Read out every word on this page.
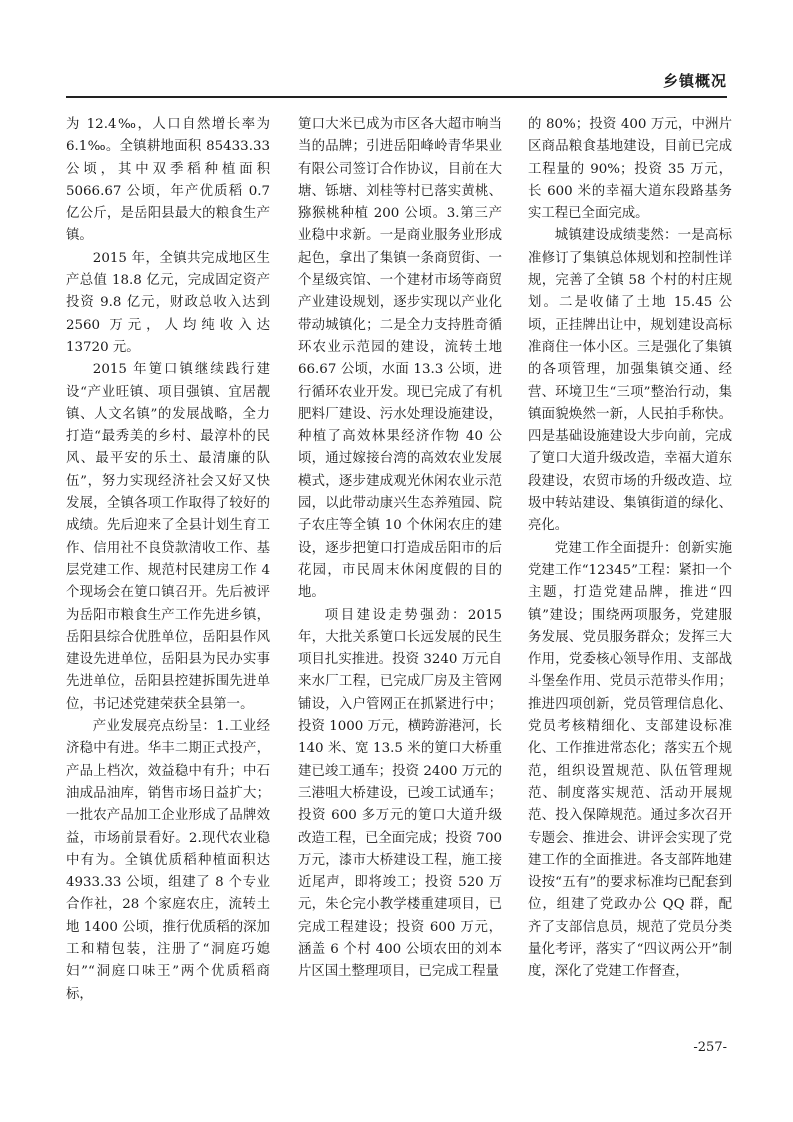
乡镇概况

为 12.4‰，人口自然增长率为 6.1‰。全镇耕地面积 85433.33 公顷，其中双季稻种植面积 5066.67 公顷，年产优质稻 0.7 亿公斤，是岳阳县最大的粮食生产镇。

2015 年，全镇共完成地区生产总值 18.8 亿元，完成固定资产投资 9.8 亿元，财政总收入达到 2560 万元，人均纯收入达 13720 元。

2015 年筻口镇继续践行建设“产业旺镇、项目强镇、宜居靓镇、人文名镇”的发展战略，全力打造“最秀美的乡村、最淳朴的民风、最平安的乐土、最清廉的队伍”，努力实现经济社会又好又快发展，全镇各项工作取得了较好的成绩。先后迎来了全县计划生育工作、信用社不良贷款清收工作、基层党建工作、规范村民建房工作 4 个现场会在筻口镇召开。先后被评为岳阳市粮食生产工作先进乡镇，岳阳县综合优胜单位，岳阳县作风建设先进单位，岳阳县为民办实事先进单位，岳阳县控建拆围先进单位，书记述党建荣获全县第一。

产业发展亮点纷呈：1.工业经济稳中有进。华丰二期正式投产，产品上档次，效益稳中有升；中石油成品油库，销售市场日益扩大；一批农产品加工企业形成了品牌效益，市场前景看好。2.现代农业稳中有为。全镇优质稻种植面积达 4933.33 公顷，组建了 8 个专业合作社，28 个家庭农庄，流转土地 1400 公顷，推行优质稻的深加工和精包装，注册了“洞庭巧媳妇”“洞庭口味王”两个优质稻商标，

筻口大米已成为市区各大超市响当当的品牌；引进岳阳峰岭青华果业有限公司签订合作协议，目前在大塘、铄塘、刘桂等村已落实黄桃、猕猴桃种植 200 公顷。3.第三产业稳中求新。一是商业服务业形成起色，拿出了集镇一条商贸街、一个星级宾馆、一个建材市场等商贸产业建设规划，逐步实现以产业化带动城镇化；二是全力支持胜奇循环农业示范园的建设，流转土地 66.67 公顷，水面 13.3 公顷，进行循环农业开发。现已完成了有机肥料厂建设、污水处理设施建设，种植了高效林果经济作物 40 公顷，通过嫁接台湾的高效农业发展模式，逐步建成观光休闲农业示范园，以此带动康兴生态养殖园、院子农庄等全镇 10 个休闲农庄的建设，逐步把筻口打造成岳阳市的后花园，市民周末休闲度假的目的地。

项目建设走势强劲：2015 年，大批关系筻口长远发展的民生项目扎实推进。投资 3240 万元自来水厂工程，已完成厂房及主管网铺设，入户管网正在抓紧进行中；投资 1000 万元，横跨游港河，长 140 米、宽 13.5 米的筻口大桥重建已竣工通车；投资 2400 万元的三港咀大桥建设，已竣工试通车；投资 600 多万元的筻口大道升级改造工程，已全面完成；投资 700 万元，漆市大桥建设工程，施工接近尾声，即将竣工；投资 520 万元，朱仑完小教学楼重建项目，已完成工程建设；投资 600 万元，涵盖 6 个村 400 公顷农田的刘本片区国土整理项目，已完成工程量

的 80%；投资 400 万元，中洲片区商品粮食基地建设，目前已完成工程量的 90%；投资 35 万元，长 600 米的幸福大道东段路基务实工程已全面完成。

城镇建设成绩斐然：一是高标准修订了集镇总体规划和控制性详规，完善了全镇 58 个村的村庄规划。二是收储了土地 15.45 公顷，正挂牌出让中，规划建设高标准商住一体小区。三是强化了集镇的各项管理，加强集镇交通、经营、环境卫生“三项”整治行动，集镇面貌焕然一新，人民拍手称快。四是基础设施建设大步向前，完成了筻口大道升级改造，幸福大道东段建设，农贸市场的升级改造、垃圾中转站建设、集镇街道的绿化、亮化。

党建工作全面提升：创新实施党建工作“12345”工程：紧扣一个主题，打造党建品牌，推进“四镇”建设；围绕两项服务，党建服务发展、党员服务群众；发挥三大作用，党委核心领导作用、支部战斗堡垒作用、党员示范带头作用；推进四项创新，党员管理信息化、党员考核精细化、支部建设标准化、工作推进常态化；落实五个规范，组织设置规范、队伍管理规范、制度落实规范、活动开展规范、投入保障规范。通过多次召开专题会、推进会、讲评会实现了党建工作的全面推进。各支部阵地建设按“五有”的要求标准均已配套到位，组建了党政办公 QQ 群，配齐了支部信息员，规范了党员分类量化考评，落实了“四议两公开”制度，深化了党建工作督查，

-257-
